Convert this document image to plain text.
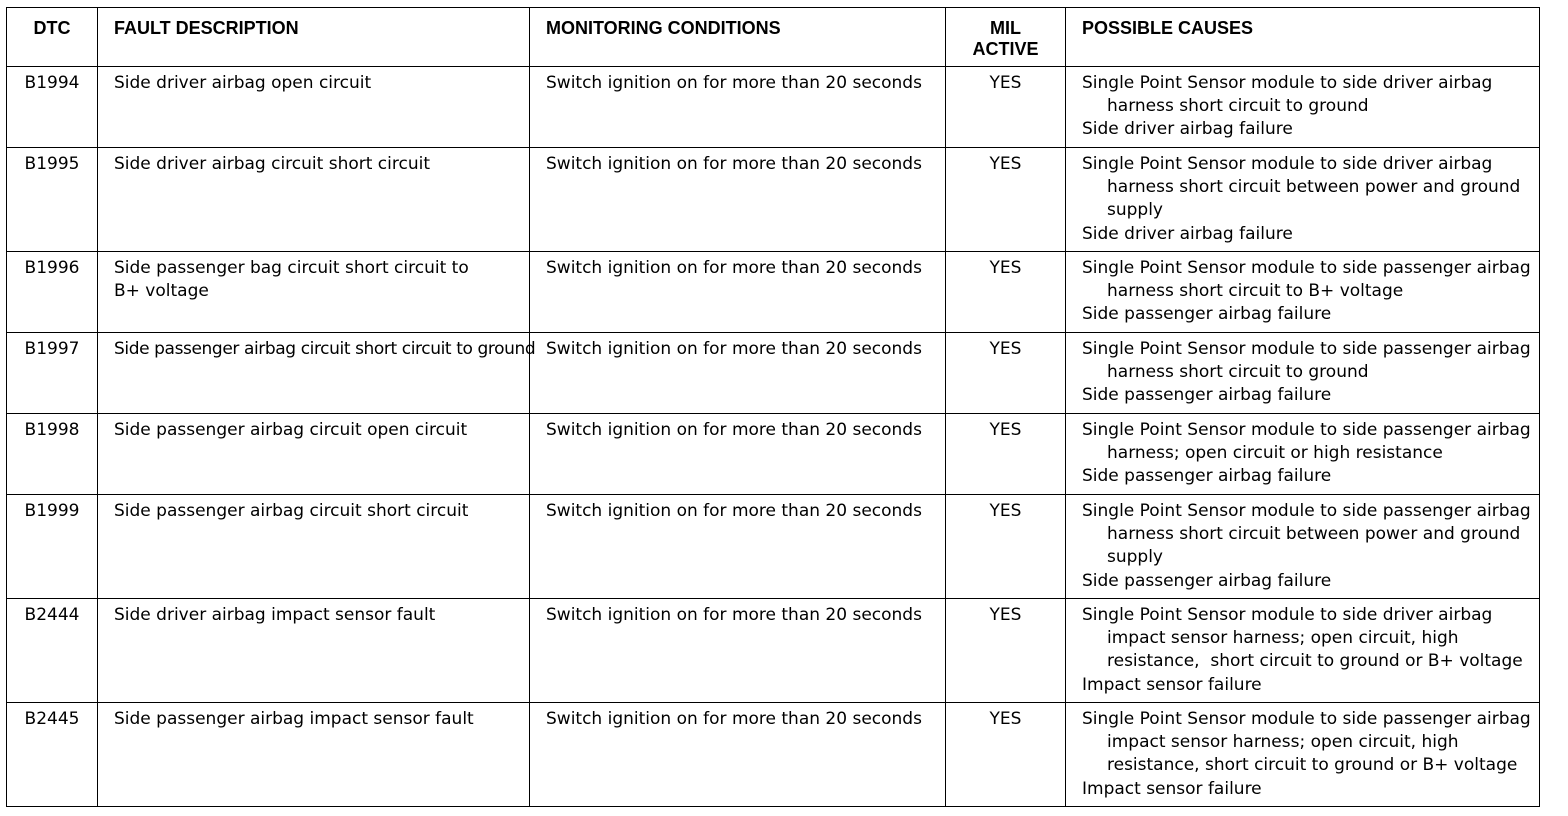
DTC	FAULT DESCRIPTION	MONITORING CONDITIONS	MIL
ACTIVE	POSSIBLE CAUSES
B1994	Side driver airbag open circuit	Switch ignition on for more than 20 seconds	YES	Single Point Sensor module to side driver airbag
harness short circuit to ground
Side driver airbag failure

B1995	Side driver airbag circuit short circuit	Switch ignition on for more than 20 seconds	YES	Single Point Sensor module to side driver airbag
harness short circuit between power and ground
supply
Side driver airbag failure

B1996	Side passenger bag circuit short circuit to
B+ voltage	Switch ignition on for more than 20 seconds	YES	Single Point Sensor module to side passenger airbag
harness short circuit to B+ voltage
Side passenger airbag failure

B1997	Side passenger airbag circuit short circuit to ground	Switch ignition on for more than 20 seconds	YES	Single Point Sensor module to side passenger airbag
harness short circuit to ground
Side passenger airbag failure

B1998	Side passenger airbag circuit open circuit	Switch ignition on for more than 20 seconds	YES	Single Point Sensor module to side passenger airbag
harness; open circuit or high resistance
Side passenger airbag failure

B1999	Side passenger airbag circuit short circuit	Switch ignition on for more than 20 seconds	YES	Single Point Sensor module to side passenger airbag
harness short circuit between power and ground
supply
Side passenger airbag failure

B2444	Side driver airbag impact sensor fault	Switch ignition on for more than 20 seconds	YES	Single Point Sensor module to side driver airbag
impact sensor harness; open circuit, high
resistance,  short circuit to ground or B+ voltage
Impact sensor failure

B2445	Side passenger airbag impact sensor fault	Switch ignition on for more than 20 seconds	YES	Single Point Sensor module to side passenger airbag
impact sensor harness; open circuit, high
resistance, short circuit to ground or B+ voltage
Impact sensor failure
